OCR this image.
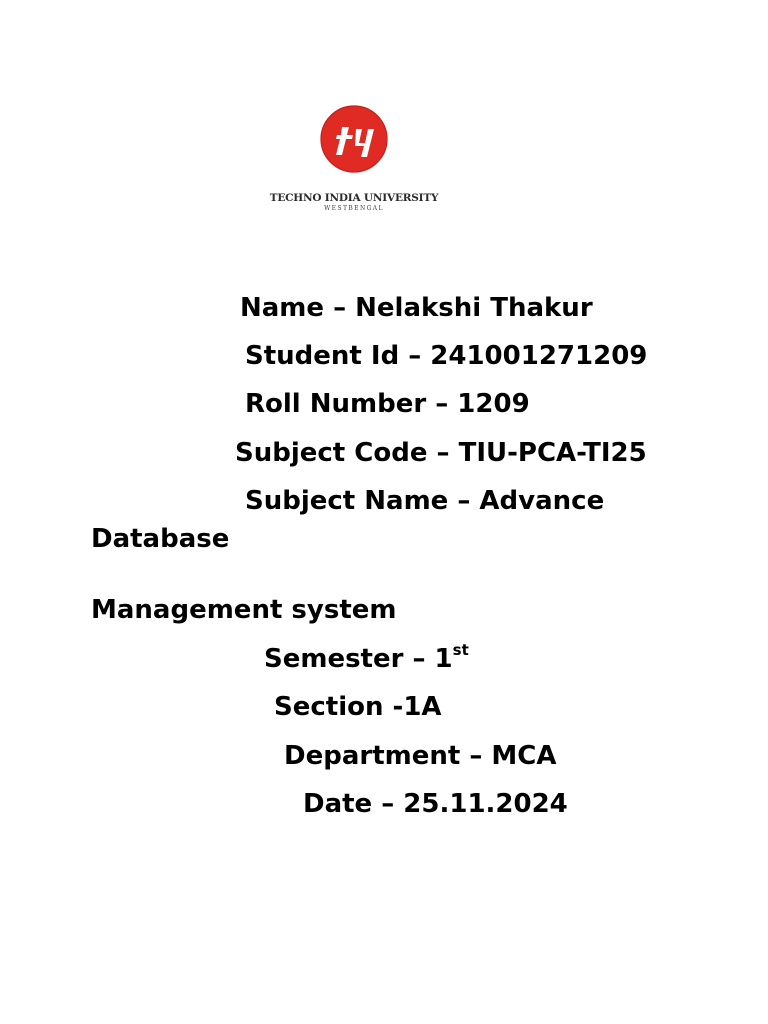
TECHNO INDIA UNIVERSITY
WESTBENGAL
Name – Nelakshi Thakur
Student Id – 241001271209
Roll Number – 1209
Subject Code – TIU-PCA-TI25
Subject Name – Advance
Database
Management system
Semester – 1st
Section -1A
Department – MCA
Date – 25.11.2024
